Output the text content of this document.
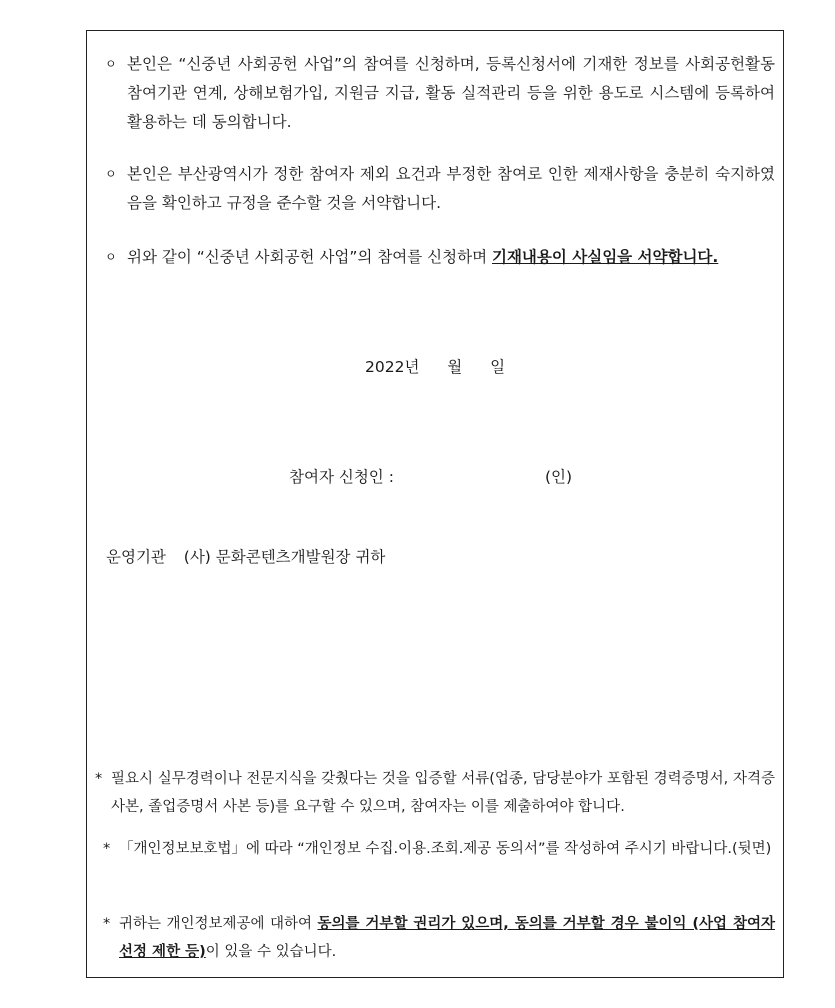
ㅇ 본인은 “신중년 사회공헌 사업”의 참여를 신청하며, 등록신청서에 기재한 정보를 사회공헌활동 참여기관 연계, 상해보험가입, 지원금 지급, 활동 실적관리 등을 위한 용도로 시스템에 등록하여 활용하는 데 동의합니다.
ㅇ 본인은 부산광역시가 정한 참여자 제외 요건과 부정한 참여로 인한 제재사항을 충분히 숙지하였음을 확인하고 규정을 준수할 것을 서약합니다.
ㅇ 위와 같이 “신중년 사회공헌 사업”의 참여를 신청하며 기재내용이 사실임을 서약합니다.
2022년 월 일
참여자 신청인 :	(인)
운영기관 (사) 문화콘텐츠개발원장 귀하
* 필요시 실무경력이나 전문지식을 갖췄다는 것을 입증할 서류(업종, 담당분야가 포함된 경력증명서, 자격증 사본, 졸업증명서 사본 등)를 요구할 수 있으며, 참여자는 이를 제출하여야 합니다.
* 「개인정보보호법」에 따라 “개인정보 수집.이용.조회.제공 동의서”를 작성하여 주시기 바랍니다.(뒷면)
* 귀하는 개인정보제공에 대하여 동의를 거부할 권리가 있으며, 동의를 거부할 경우 불이익 (사업 참여자 선정 제한 등)이 있을 수 있습니다.
